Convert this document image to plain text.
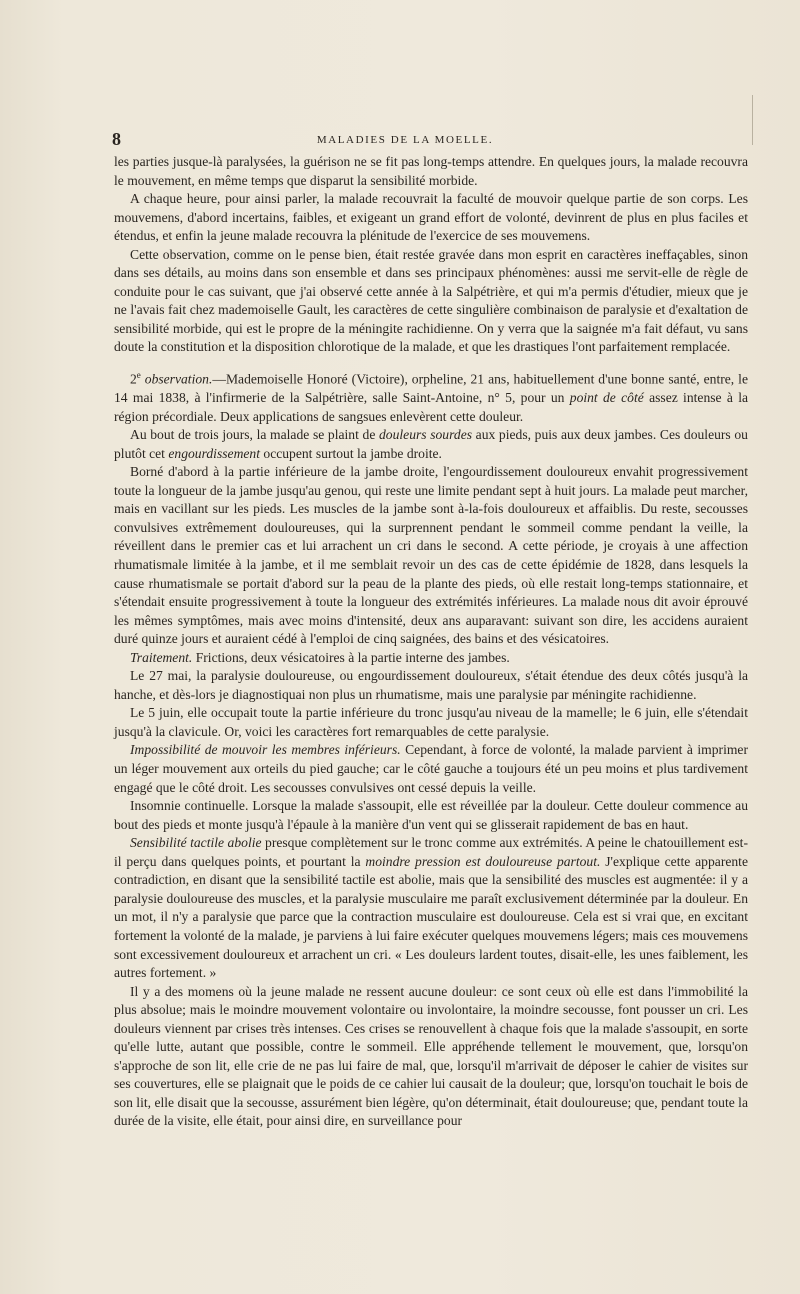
8	MALADIES DE LA MOELLE.

les parties jusque-là paralysées, la guérison ne se fit pas long-temps attendre. En quelques jours, la malade recouvra le mouvement, en même temps que disparut la sensibilité morbide.

A chaque heure, pour ainsi parler, la malade recouvrait la faculté de mouvoir quelque partie de son corps. Les mouvemens, d'abord incertains, faibles, et exigeant un grand effort de volonté, devinrent de plus en plus faciles et étendus, et enfin la jeune malade recouvra la plénitude de l'exercice de ses mouvemens.

Cette observation, comme on le pense bien, était restée gravée dans mon esprit en caractères ineffaçables, sinon dans ses détails, au moins dans son ensemble et dans ses principaux phénomènes: aussi me servit-elle de règle de conduite pour le cas suivant, que j'ai observé cette année à la Salpétrière, et qui m'a permis d'étudier, mieux que je ne l'avais fait chez mademoiselle Gault, les caractères de cette singulière combinaison de paralysie et d'exaltation de sensibilité morbide, qui est le propre de la méningite rachidienne. On y verra que la saignée m'a fait défaut, vu sans doute la constitution et la disposition chlorotique de la malade, et que les drastiques l'ont parfaitement remplacée.

2e observation.—Mademoiselle Honoré (Victoire), orpheline, 21 ans, habituellement d'une bonne santé, entre, le 14 mai 1838, à l'infirmerie de la Salpétrière, salle Saint-Antoine, n° 5, pour un point de côté assez intense à la région précordiale. Deux applications de sangsues enlevèrent cette douleur.

Au bout de trois jours, la malade se plaint de douleurs sourdes aux pieds, puis aux deux jambes. Ces douleurs ou plutôt cet engourdissement occupent surtout la jambe droite.

Borné d'abord à la partie inférieure de la jambe droite, l'engourdissement douloureux envahit progressivement toute la longueur de la jambe jusqu'au genou, qui reste une limite pendant sept à huit jours. La malade peut marcher, mais en vacillant sur les pieds. Les muscles de la jambe sont à-la-fois douloureux et affaiblis. Du reste, secousses convulsives extrêmement douloureuses, qui la surprennent pendant le sommeil comme pendant la veille, la réveillent dans le premier cas et lui arrachent un cri dans le second. A cette période, je croyais à une affection rhumatismale limitée à la jambe, et il me semblait revoir un des cas de cette épidémie de 1828, dans lesquels la cause rhumatismale se portait d'abord sur la peau de la plante des pieds, où elle restait long-temps stationnaire, et s'étendait ensuite progressivement à toute la longueur des extrémités inférieures. La malade nous dit avoir éprouvé les mêmes symptômes, mais avec moins d'intensité, deux ans auparavant: suivant son dire, les accidens auraient duré quinze jours et auraient cédé à l'emploi de cinq saignées, des bains et des vésicatoires.

Traitement. Frictions, deux vésicatoires à la partie interne des jambes.

Le 27 mai, la paralysie douloureuse, ou engourdissement douloureux, s'était étendue des deux côtés jusqu'à la hanche, et dès-lors je diagnostiquai non plus un rhumatisme, mais une paralysie par méningite rachidienne.

Le 5 juin, elle occupait toute la partie inférieure du tronc jusqu'au niveau de la mamelle; le 6 juin, elle s'étendait jusqu'à la clavicule. Or, voici les caractères fort remarquables de cette paralysie.

Impossibilité de mouvoir les membres inférieurs. Cependant, à force de volonté, la malade parvient à imprimer un léger mouvement aux orteils du pied gauche; car le côté gauche a toujours été un peu moins et plus tardivement engagé que le côté droit. Les secousses convulsives ont cessé depuis la veille.

Insomnie continuelle. Lorsque la malade s'assoupit, elle est réveillée par la douleur. Cette douleur commence au bout des pieds et monte jusqu'à l'épaule à la manière d'un vent qui se glisserait rapidement de bas en haut.

Sensibilité tactile abolie presque complètement sur le tronc comme aux extrémités. A peine le chatouillement est-il perçu dans quelques points, et pourtant la moindre pression est douloureuse partout. J'explique cette apparente contradiction, en disant que la sensibilité tactile est abolie, mais que la sensibilité des muscles est augmentée: il y a paralysie douloureuse des muscles, et la paralysie musculaire me paraît exclusivement déterminée par la douleur. En un mot, il n'y a paralysie que parce que la contraction musculaire est douloureuse. Cela est si vrai que, en excitant fortement la volonté de la malade, je parviens à lui faire exécuter quelques mouvemens légers; mais ces mouvemens sont excessivement douloureux et arrachent un cri. « Les douleurs lardent toutes, disait-elle, les unes faiblement, les autres fortement. »

Il y a des momens où la jeune malade ne ressent aucune douleur: ce sont ceux où elle est dans l'immobilité la plus absolue; mais le moindre mouvement volontaire ou involontaire, la moindre secousse, font pousser un cri. Les douleurs viennent par crises très intenses. Ces crises se renouvellent à chaque fois que la malade s'assoupit, en sorte qu'elle lutte, autant que possible, contre le sommeil. Elle appréhende tellement le mouvement, que, lorsqu'on s'approche de son lit, elle crie de ne pas lui faire de mal, que, lorsqu'il m'arrivait de déposer le cahier de visites sur ses couvertures, elle se plaignait que le poids de ce cahier lui causait de la douleur; que, lorsqu'on touchait le bois de son lit, elle disait que la secousse, assurément bien légère, qu'on déterminait, était douloureuse; que, pendant toute la durée de la visite, elle était, pour ainsi dire, en surveillance pour
